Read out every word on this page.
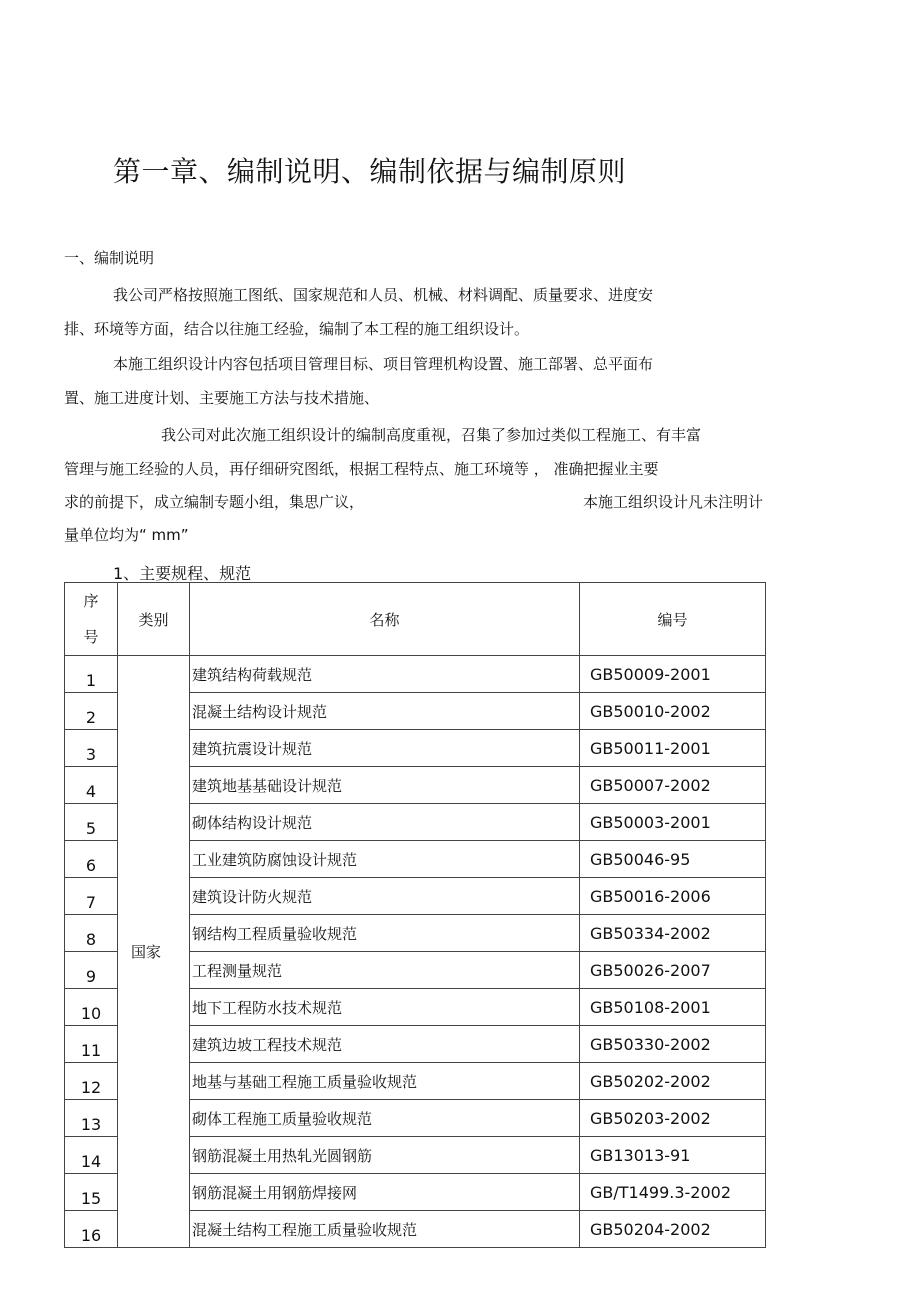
第一章、编制说明、编制依据与编制原则
一、编制说明
我公司严格按照施工图纸、国家规范和人员、机械、材料调配、质量要求、进度安
排、环境等方面，结合以往施工经验，编制了本工程的施工组织设计。
本施工组织设计内容包括项目管理目标、项目管理机构设置、施工部署、总平面布
置、施工进度计划、主要施工方法与技术措施、
我公司对此次施工组织设计的编制高度重视，召集了参加过类似工程施工、有丰富
管理与施工经验的人员，再仔细研究图纸，根据工程特点、施工环境等 ， 准确把握业主要
求的前提下，成立编制专题小组，集思广议，	本施工组织设计凡未注明计
量单位均为“ mm”
1、主要规程、规范
序
号	类别	名称	编号
1	国家	建筑结构荷载规范	GB50009-2001
2		混凝土结构设计规范	GB50010-2002
3		建筑抗震设计规范	GB50011-2001
4		建筑地基基础设计规范	GB50007-2002
5		砌体结构设计规范	GB50003-2001
6		工业建筑防腐蚀设计规范	GB50046-95
7		建筑设计防火规范	GB50016-2006
8		钢结构工程质量验收规范	GB50334-2002
9		工程测量规范	GB50026-2007
10		地下工程防水技术规范	GB50108-2001
11		建筑边坡工程技术规范	GB50330-2002
12		地基与基础工程施工质量验收规范	GB50202-2002
13		砌体工程施工质量验收规范	GB50203-2002
14		钢筋混凝土用热轧光圆钢筋	GB13013-91
15		钢筋混凝土用钢筋焊接网	GB/T1499.3-2002
16		混凝土结构工程施工质量验收规范	GB50204-2002
